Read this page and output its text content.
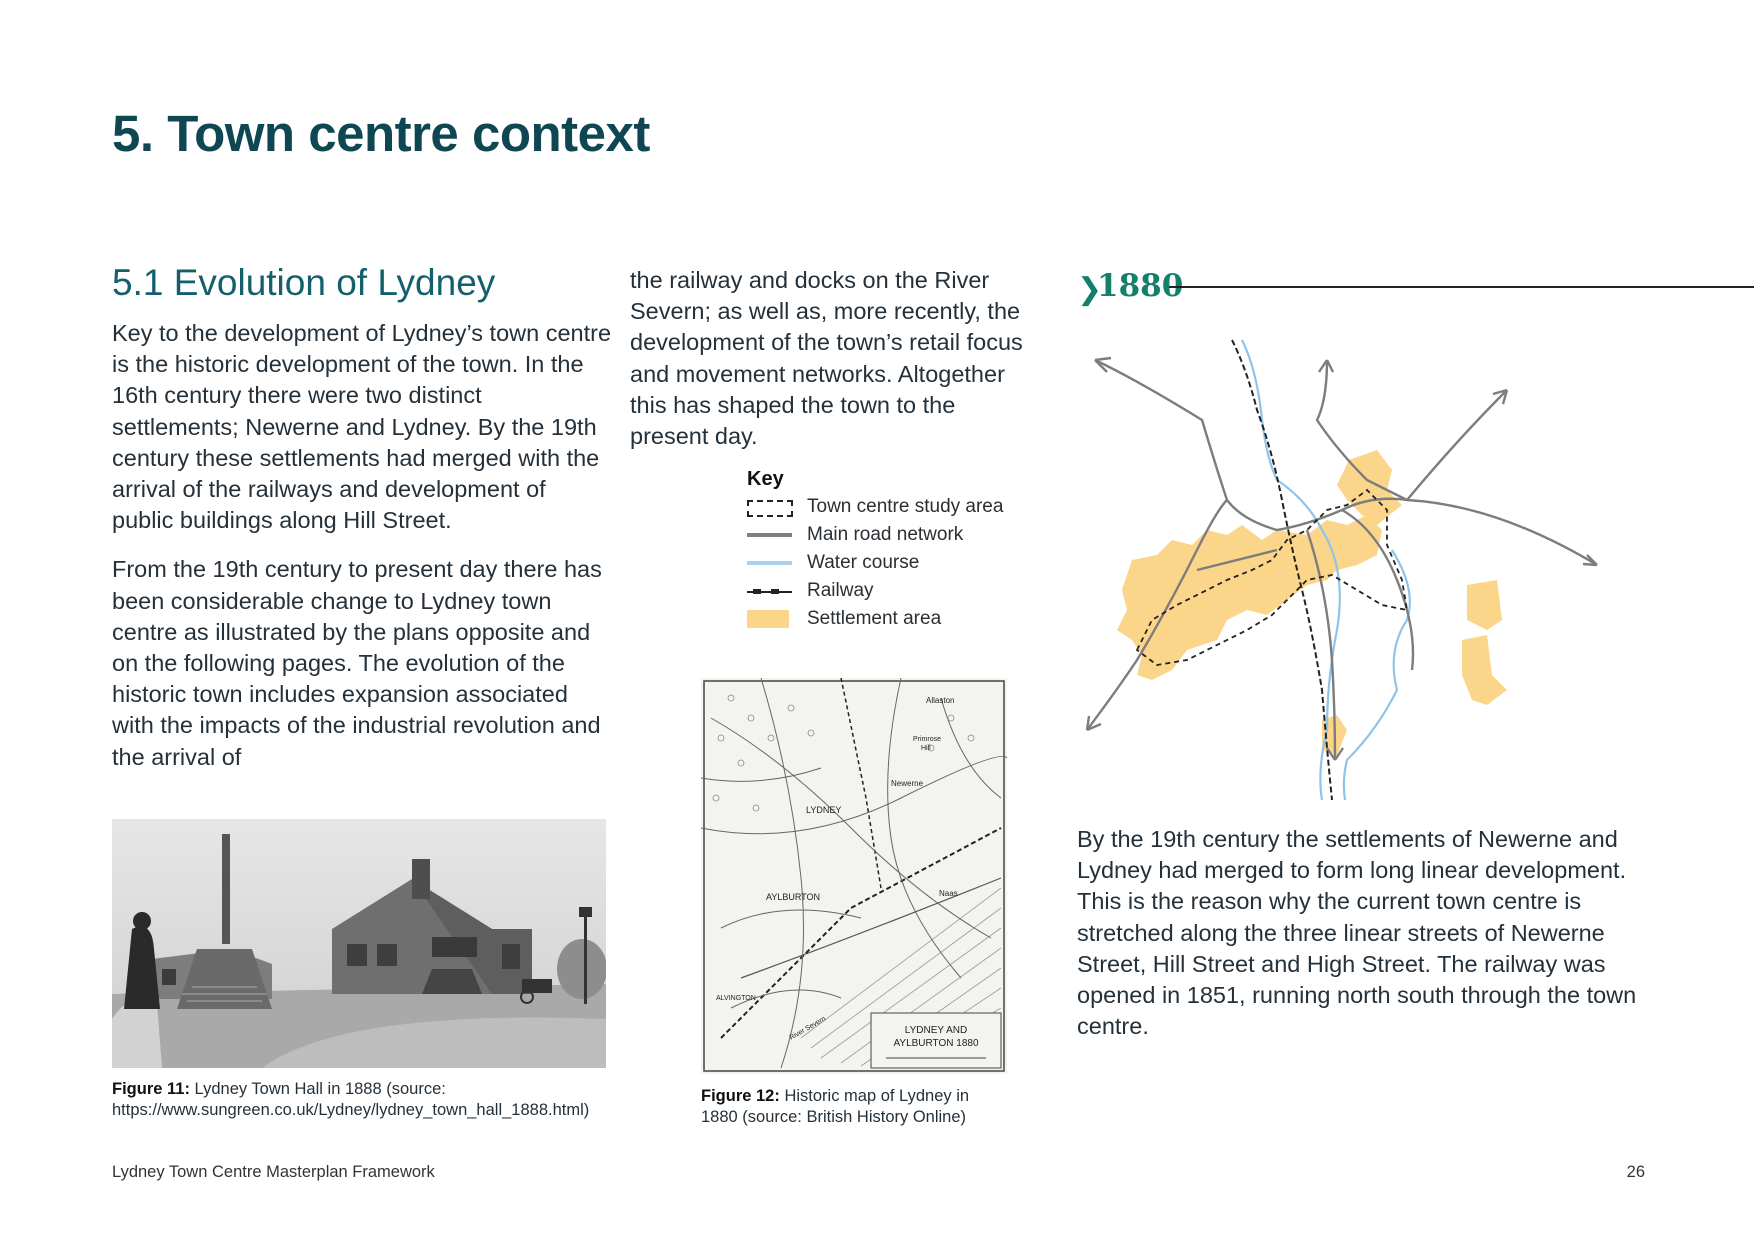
5. Town centre context
5.1 Evolution of Lydney

Key to the development of Lydney’s town centre is the historic development of the town. In the 16th century there were two distinct settlements; Newerne and Lydney. By the 19th century these settlements had merged with the arrival of the railways and development of public buildings along Hill Street.

From the 19th century to present day there has been considerable change to Lydney town centre as illustrated by the plans opposite and on the following pages. The evolution of the historic town includes expansion associated with the impacts of the industrial revolution and the arrival of

the railway and docks on the River Severn; as well as, more recently, the development of the town’s retail focus and movement networks. Altogether this has shaped the town to the present day.

Key
Town centre study area
Main road network
Water course
Railway
Settlement area
Allaston
Primrose
Hill
Newerne
LYDNEY
AYLBURTON	Naas
ALVINGTON
River Severn	LYDNEY AND
AYLBURTON 1880
Figure 11: Lydney Town Hall in 1888 (source: https://www.sungreen.co.uk/Lydney/lydney_town_hall_1888.html)
Figure 12: Historic map of Lydney in 1880 (source: British History Online)
❯
1880

By the 19th century the settlements of Newerne and Lydney had merged to form long linear development. This is the reason why the current town centre is stretched along the three linear streets of Newerne Street, Hill Street and High Street. The railway was opened in 1851, running north south through the town centre.

Lydney Town Centre Masterplan Framework	26
